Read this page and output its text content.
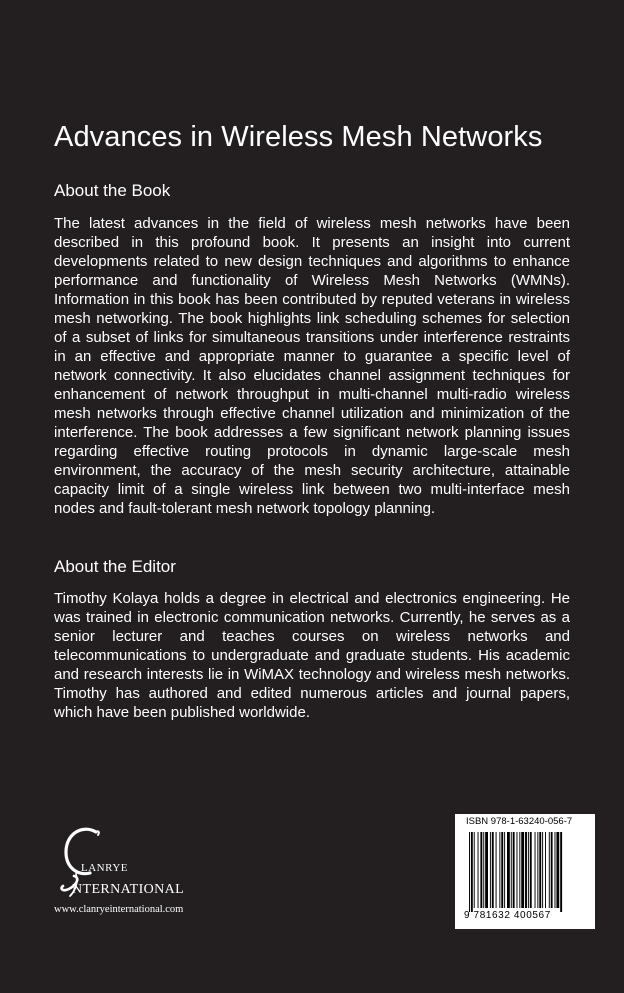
Advances in Wireless Mesh Networks
About the Book
The latest advances in the field of wireless mesh networks have been described in this profound book. It presents an insight into current developments related to new design techniques and algorithms to enhance performance and functionality of Wireless Mesh Networks (WMNs). Information in this book has been contributed by reputed veterans in wireless mesh networking. The book highlights link scheduling schemes for selection of a subset of links for simultaneous transitions under interference restraints in an effective and appropriate manner to guarantee a specific level of network connectivity. It also elucidates channel assignment techniques for enhancement of network throughput in multi-channel multi-radio wireless mesh networks through effective channel utilization and minimization of the interference. The book addresses a few significant network planning issues regarding effective routing protocols in dynamic large-scale mesh environment, the accuracy of the mesh security architecture, attainable capacity limit of a single wireless link between two multi-interface mesh nodes and fault-tolerant mesh network topology planning.
About the Editor
Timothy Kolaya holds a degree in electrical and electronics engineering. He was trained in electronic communication networks. Currently, he serves as a senior lecturer and teaches courses on wireless networks and telecommunications to undergraduate and graduate students. His academic and research interests lie in WiMAX technology and wireless mesh networks. Timothy has authored and edited numerous articles and journal papers, which have been published worldwide.
LANRYE
NTERNATIONAL
www.clanryeinternational.com
ISBN 978-1-63240-056-7
9 781632 400567
